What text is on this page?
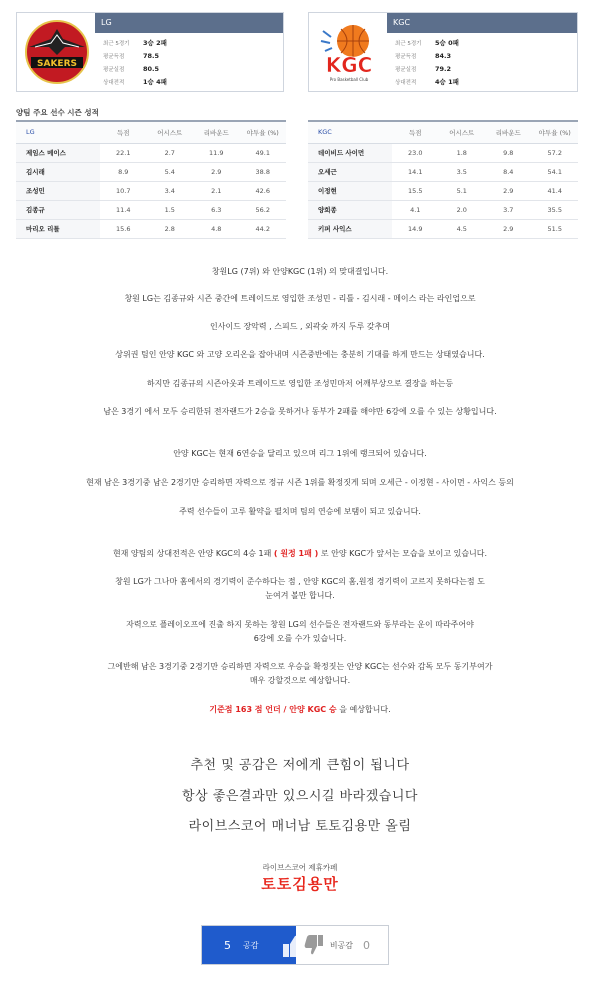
SAKERS
LG
최근 5경기	3승 2패
평균득점	78.5
평균실점	80.5
상대전적	1승 4패
KGC
Pro Basketball Club
KGC
최근 5경기	5승 0패
평균득점	84.3
평균실점	79.2
상대전적	4승 1패
양팀 주요 선수 시즌 성적
LG	득점	어시스트	리바운드	야투율 (%)
제임스 메이스	22.1	2.7	11.9	49.1
김시래	8.9	5.4	2.9	38.8
조성민	10.7	3.4	2.1	42.6
김종규	11.4	1.5	6.3	56.2
마리오 리틀	15.6	2.8	4.8	44.2
KGC	득점	어시스트	리바운드	야투율 (%)
데이비드 사이먼	23.0	1.8	9.8	57.2
오세근	14.1	3.5	8.4	54.1
이정현	15.5	5.1	2.9	41.4
양희종	4.1	2.0	3.7	35.5
키퍼 사익스	14.9	4.5	2.9	51.5
창원LG (7위) 와 안양KGC (1위) 의 맞대결입니다.
창원 LG는 김종규와 시즌 중간에 트레이드로 영입한 조성민 - 리틀 - 김시래 - 메이스 라는 라인업으로
인사이드 장악력 , 스피드 , 외곽슛 까지 두루 갖추며
상위권 팀인 안양 KGC 와 고양 오리온을 잡아내며 시즌중반에는 충분히 기대를 하게 만드는 상태였습니다.
하지만 김종규의 시즌아웃과 트레이드로 영입한 조성민마저 어깨부상으로 결장을 하는등
남은 3경기 에서 모두 승리한뒤 전자랜드가 2승을 못하거나 동부가 2패를 해야만 6강에 오를 수 있는 상황입니다.
안양 KGC는 현재 6연승을 달리고 있으며 리그 1위에 랭크되어 있습니다.
현재 남은 3경기중 남은 2경기만 승리하면 자력으로 정규 시즌 1위를 확정짓게 되며 오세근 - 이정현 - 사이먼 - 사익스 등의
주력 선수들이 고루 활약을 펼치며 팀의 연승에 보탬이 되고 있습니다.
현재 양팀의 상대전적은 안양 KGC의 4승 1패 ( 원정 1패 ) 로 안양 KGC가 앞서는 모습을 보이고 있습니다.
창원 LG가 그나마 홈에서의 경기력이 준수하다는 점 , 안양 KGC의 홈,원정 경기력이 고르지 못하다는점 도
눈여겨 볼만 합니다.
자력으로 플레이오프에 진출 하지 못하는 창원 LG의 선수들은 전자랜드와 동부라는 운이 따라주어야
6강에 오를 수가 있습니다.
그에반해 남은 3경기중 2경기만 승리하면 자력으로 우승을 확정짓는 안양 KGC는 선수와 감독 모두 동기부여가
매우 강할것으로 예상합니다.
기준점 163 점 언더 / 안양 KGC 승 을 예상합니다.
추천 및 공감은 저에게 큰힘이 됩니다
항상 좋은결과만 있으시길 바라겠습니다
라이브스코어 매너남 토토김용만 올림
라이브스코어 제휴카페
토토김용만
5 공감	비공감 0
